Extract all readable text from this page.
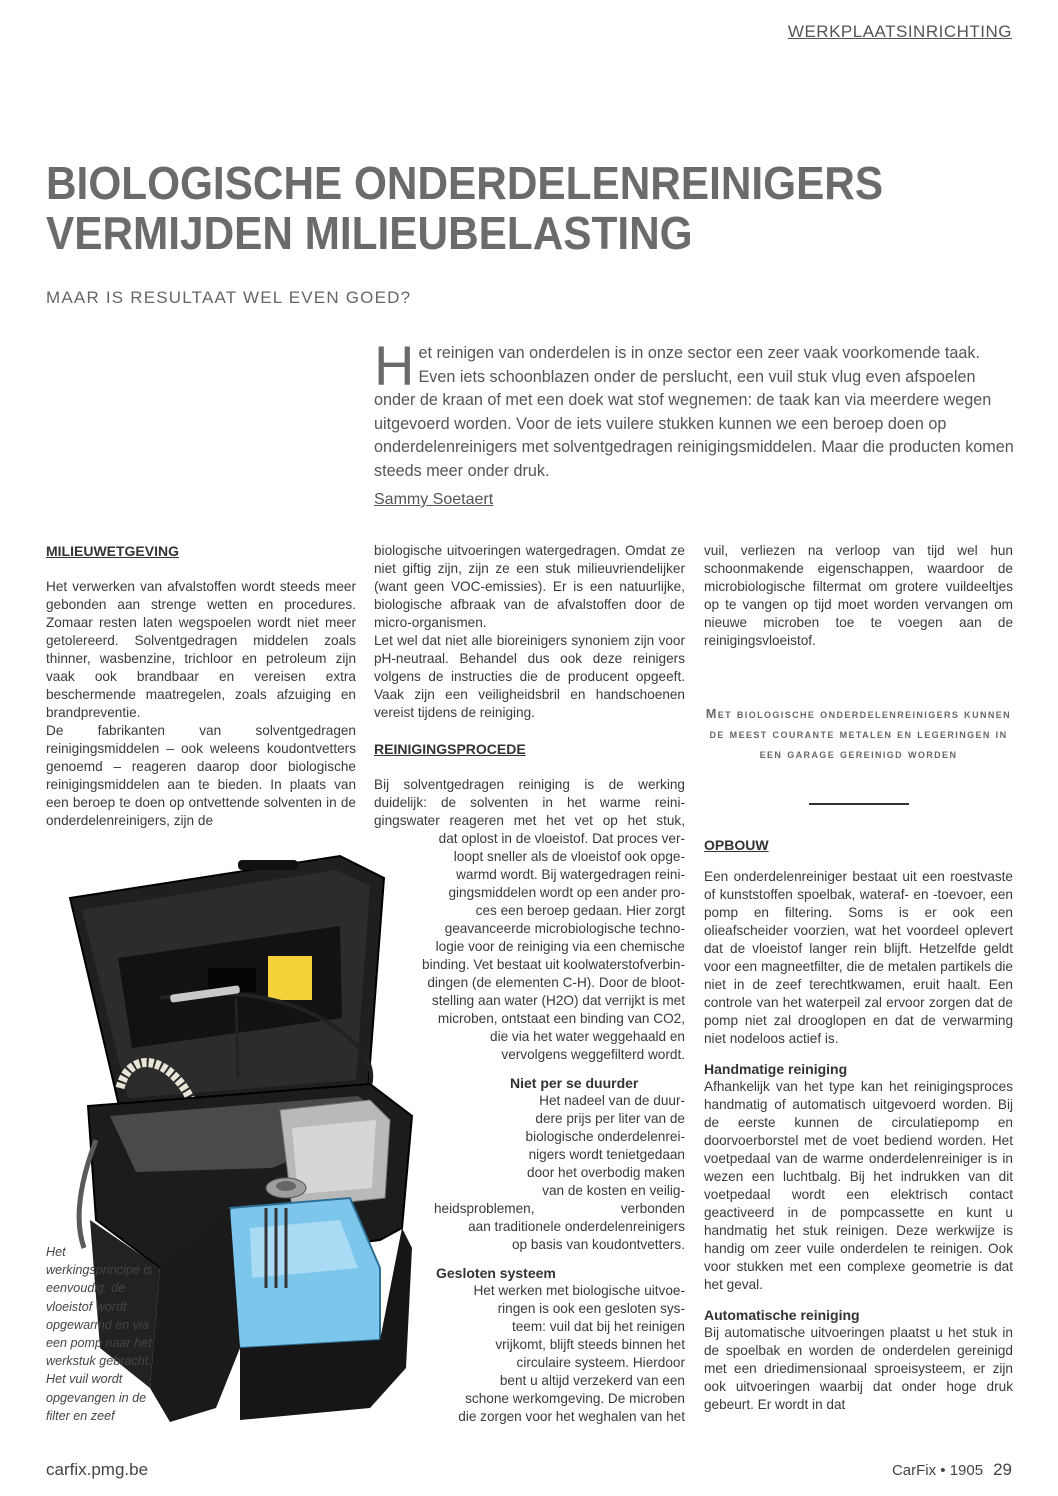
WERKPLAATSINRICHTING
BIOLOGISCHE ONDERDELENREINIGERS
VERMIJDEN MILIEUBELASTING
MAAR IS RESULTAAT WEL EVEN GOED?
Het reinigen van onderdelen is in onze sector een zeer vaak voorkomende taak. Even iets schoonblazen onder de perslucht, een vuil stuk vlug even afspoelen onder de kraan of met een doek wat stof wegnemen: de taak kan via meerdere wegen uitgevoerd worden. Voor de iets vuilere stukken kunnen we een beroep doen op onderdelenreinigers met solventgedragen reinigingsmiddelen. Maar die producten komen steeds meer onder druk.
Sammy Soetaert

MILIEUWETGEVING

Het verwerken van afvalstoffen wordt steeds meer gebonden aan strenge wetten en procedures. Zomaar resten laten wegspoelen wordt niet meer getolereerd. Solventgedragen middelen zoals thinner, wasbenzine, trichloor en petroleum zijn vaak ook brandbaar en vereisen extra beschermende maatregelen, zoals afzuiging en brandpreventie.

De fabrikanten van solventgedragen reinigingsmiddelen – ook weleens koudontvetters genoemd – reageren daarop door biologische reinigingsmiddelen aan te bieden. In plaats van een beroep te doen op ontvettende solventen in de onderdelenreinigers, zijn de

biologische uitvoeringen watergedragen. Omdat ze niet giftig zijn, zijn ze een stuk milieuvriendelijker (want geen VOC-emissies). Er is een natuurlijke, biologische afbraak van de afvalstoffen door de micro-organismen.

Let wel dat niet alle bioreinigers synoniem zijn voor pH-neutraal. Behandel dus ook deze reinigers volgens de instructies die de producent opgeeft. Vaak zijn een veiligheidsbril en handschoenen vereist tijdens de reiniging.

REINIGINGSPROCEDE

Bij solventgedragen reiniging is de werking

duidelijk: de solventen in het warme reini-

gingswater reageren met het vet op het stuk,

dat oplost in de vloeistof. Dat proces ver-

loopt sneller als de vloeistof ook opge-

warmd wordt. Bij watergedragen reini-

gingsmiddelen wordt op een ander pro-

ces een beroep gedaan. Hier zorgt

geavanceerde microbiologische techno-

logie voor de reiniging via een chemische

binding. Vet bestaat uit koolwaterstofverbin-

dingen (de elementen C-H). Door de bloot-

stelling aan water (H2O) dat verrijkt is met

microben, ontstaat een binding van CO2,

die via het water weggehaald en

vervolgens weggefilterd wordt.

Niet per se duurder

Het nadeel van de duur-

dere prijs per liter van de

biologische onderdelenrei-

nigers wordt tenietgedaan

door het overbodig maken

van de kosten en veilig-

heidsproblemen, verbonden

aan traditionele onderdelenreinigers

op basis van koudontvetters.

Gesloten systeem

Het werken met biologische uitvoe-

ringen is ook een gesloten sys-

teem: vuil dat bij het reinigen

vrijkomt, blijft steeds binnen het

circulaire systeem. Hierdoor

bent u altijd verzekerd van een

schone werkomgeving. De microben

die zorgen voor het weghalen van het

vuil, verliezen na verloop van tijd wel hun schoonmakende eigenschappen, waardoor de microbiologische filtermat om grotere vuildeeltjes op te vangen op tijd moet worden vervangen om nieuwe microben toe te voegen aan de reinigingsvloeistof.

Met biologische onderdelenreinigers kunnen de meest courante metalen en legeringen in een garage gereinigd worden

OPBOUW

Een onderdelenreiniger bestaat uit een roestvaste of kunststoffen spoelbak, wateraf- en -toevoer, een pomp en filtering. Soms is er ook een olieafscheider voorzien, wat het voordeel oplevert dat de vloeistof langer rein blijft. Hetzelfde geldt voor een magneetfilter, die de metalen partikels die niet in de zeef terechtkwamen, eruit haalt. Een controle van het waterpeil zal ervoor zorgen dat de pomp niet zal drooglopen en dat de verwarming niet nodeloos actief is.

Handmatige reiniging

Afhankelijk van het type kan het reinigingsproces handmatig of automatisch uitgevoerd worden. Bij de eerste kunnen de circulatiepomp en doorvoerborstel met de voet bediend worden. Het voetpedaal van de warme onderdelenreiniger is in wezen een luchtbalg. Bij het indrukken van dit voetpedaal wordt een elektrisch contact geactiveerd in de pompcassette en kunt u handmatig het stuk reinigen. Deze werkwijze is handig om zeer vuile onderdelen te reinigen. Ook voor stukken met een complexe geometrie is dat het geval.

Automatische reiniging

Bij automatische uitvoeringen plaatst u het stuk in de spoelbak en worden de onderdelen gereinigd met een driedimensionaal sproeisysteem, er zijn ook uitvoeringen waarbij dat onder hoge druk gebeurt. Er wordt in dat

Het werkingsprincipe is eenvoudig: de vloeistof wordt opgewarmd en via een pomp naar het werkstuk gebracht. Het vuil wordt opgevangen in de filter en zeef
carfix.pmg.be	CarFix • 1905 29
